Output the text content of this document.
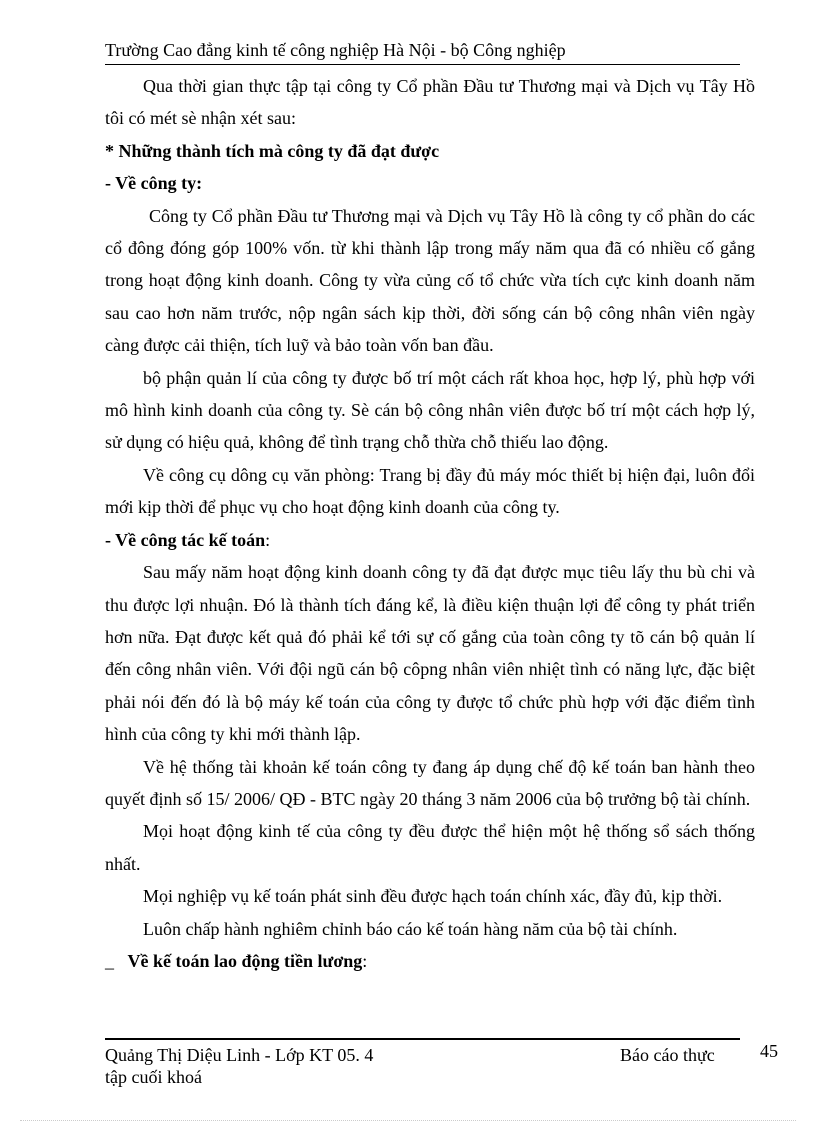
Trường Cao đẳng kinh tế công nghiệp Hà Nội - bộ Công nghiệp

Qua thời gian thực tập tại công ty Cổ phần Đầu tư Thương mại và Dịch vụ Tây Hồ tôi có mét sè nhận xét sau:

* Những thành tích mà công ty đã đạt được

- Về công ty:

Công ty Cổ phần Đầu tư Thương mại và Dịch vụ Tây Hồ là công ty cổ phần do các cổ đông đóng góp 100% vốn. từ khi thành lập trong mấy năm qua đã có nhiều cố gắng trong hoạt động kinh doanh. Công ty vừa củng cố tổ chức vừa tích cực kinh doanh năm sau cao hơn năm trước, nộp ngân sách kịp thời, đời sống cán bộ công nhân viên ngày càng được cải thiện, tích luỹ và bảo toàn vốn ban đầu.

bộ phận quản lí của công ty được bố trí một cách rất khoa học, hợp lý, phù hợp với mô hình kinh doanh của công ty. Sè cán bộ công nhân viên được bố trí một cách hợp lý, sử dụng có hiệu quả, không để tình trạng chỗ thừa chỗ thiếu lao động.

Về công cụ dông cụ văn phòng: Trang bị đầy đủ máy móc thiết bị hiện đại, luôn đổi mới kịp thời để phục vụ cho hoạt động kinh doanh của công ty.

- Về công tác kế toán:

Sau mấy năm hoạt động kinh doanh công ty đã đạt được mục tiêu lấy thu bù chi và thu được lợi nhuận. Đó là thành tích đáng kể, là điều kiện thuận lợi để công ty phát triển hơn nữa. Đạt được kết quả đó phải kể tới sự cố gắng của toàn công ty tõ cán bộ quản lí đến công nhân viên. Với đội ngũ cán bộ côpng nhân viên nhiệt tình có năng lực, đặc biệt phải nói đến đó là bộ máy kế toán của công ty được tổ chức phù hợp với đặc điểm tình hình của công ty khi mới thành lập.

Về hệ thống tài khoản kế toán công ty đang áp dụng chế độ kế toán ban hành theo quyết định số 15/ 2006/ QĐ - BTC ngày 20 tháng 3 năm 2006 của bộ trưởng bộ tài chính.

Mọi hoạt động kinh tế của công ty đều được thể hiện một hệ thống sổ sách thống nhất.

Mọi nghiệp vụ kế toán phát sinh đều được hạch toán chính xác, đầy đủ, kịp thời.

Luôn chấp hành nghiêm chỉnh báo cáo kế toán hàng năm của bộ tài chính.

_ Về kế toán lao động tiền lương:

Quảng Thị Diệu Linh - Lớp KT 05. 4	Báo cáo thực
tập cuối khoá
45
